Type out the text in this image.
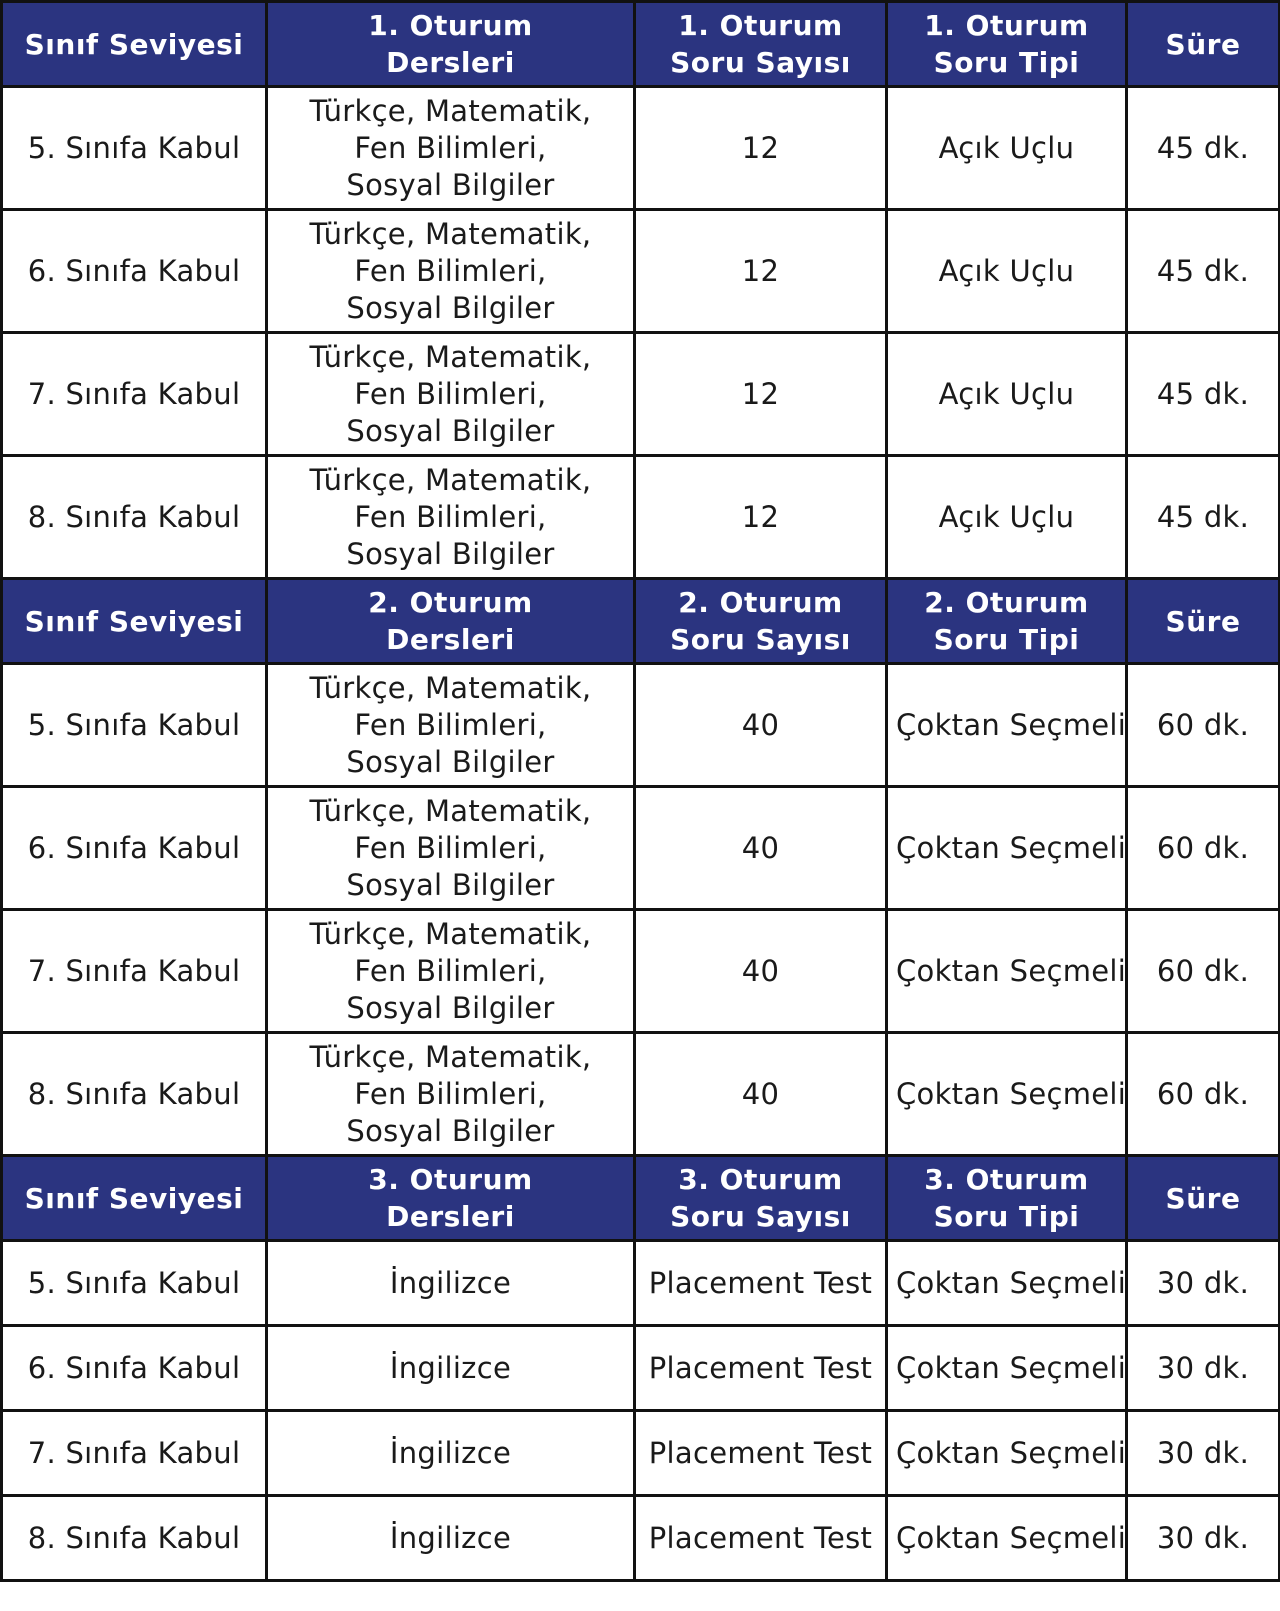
Sınıf Seviyesi	1. Oturum Dersleri	1. Oturum Soru Sayısı	1. Oturum Soru Tipi	Süre
5. Sınıfa Kabul	Türkçe, Matematik, Fen Bilimleri, Sosyal Bilgiler	12	Açık Uçlu	45 dk.
6. Sınıfa Kabul	Türkçe, Matematik, Fen Bilimleri, Sosyal Bilgiler	12	Açık Uçlu	45 dk.
7. Sınıfa Kabul	Türkçe, Matematik, Fen Bilimleri, Sosyal Bilgiler	12	Açık Uçlu	45 dk.
8. Sınıfa Kabul	Türkçe, Matematik, Fen Bilimleri, Sosyal Bilgiler	12	Açık Uçlu	45 dk.
Sınıf Seviyesi	2. Oturum Dersleri	2. Oturum Soru Sayısı	2. Oturum Soru Tipi	Süre
5. Sınıfa Kabul	Türkçe, Matematik, Fen Bilimleri, Sosyal Bilgiler	40	Çoktan Seçmeli	60 dk.
6. Sınıfa Kabul	Türkçe, Matematik, Fen Bilimleri, Sosyal Bilgiler	40	Çoktan Seçmeli	60 dk.
7. Sınıfa Kabul	Türkçe, Matematik, Fen Bilimleri, Sosyal Bilgiler	40	Çoktan Seçmeli	60 dk.
8. Sınıfa Kabul	Türkçe, Matematik, Fen Bilimleri, Sosyal Bilgiler	40	Çoktan Seçmeli	60 dk.
Sınıf Seviyesi	3. Oturum Dersleri	3. Oturum Soru Sayısı	3. Oturum Soru Tipi	Süre
5. Sınıfa Kabul	İngilizce	Placement Test	Çoktan Seçmeli	30 dk.
6. Sınıfa Kabul	İngilizce	Placement Test	Çoktan Seçmeli	30 dk.
7. Sınıfa Kabul	İngilizce	Placement Test	Çoktan Seçmeli	30 dk.
8. Sınıfa Kabul	İngilizce	Placement Test	Çoktan Seçmeli	30 dk.
